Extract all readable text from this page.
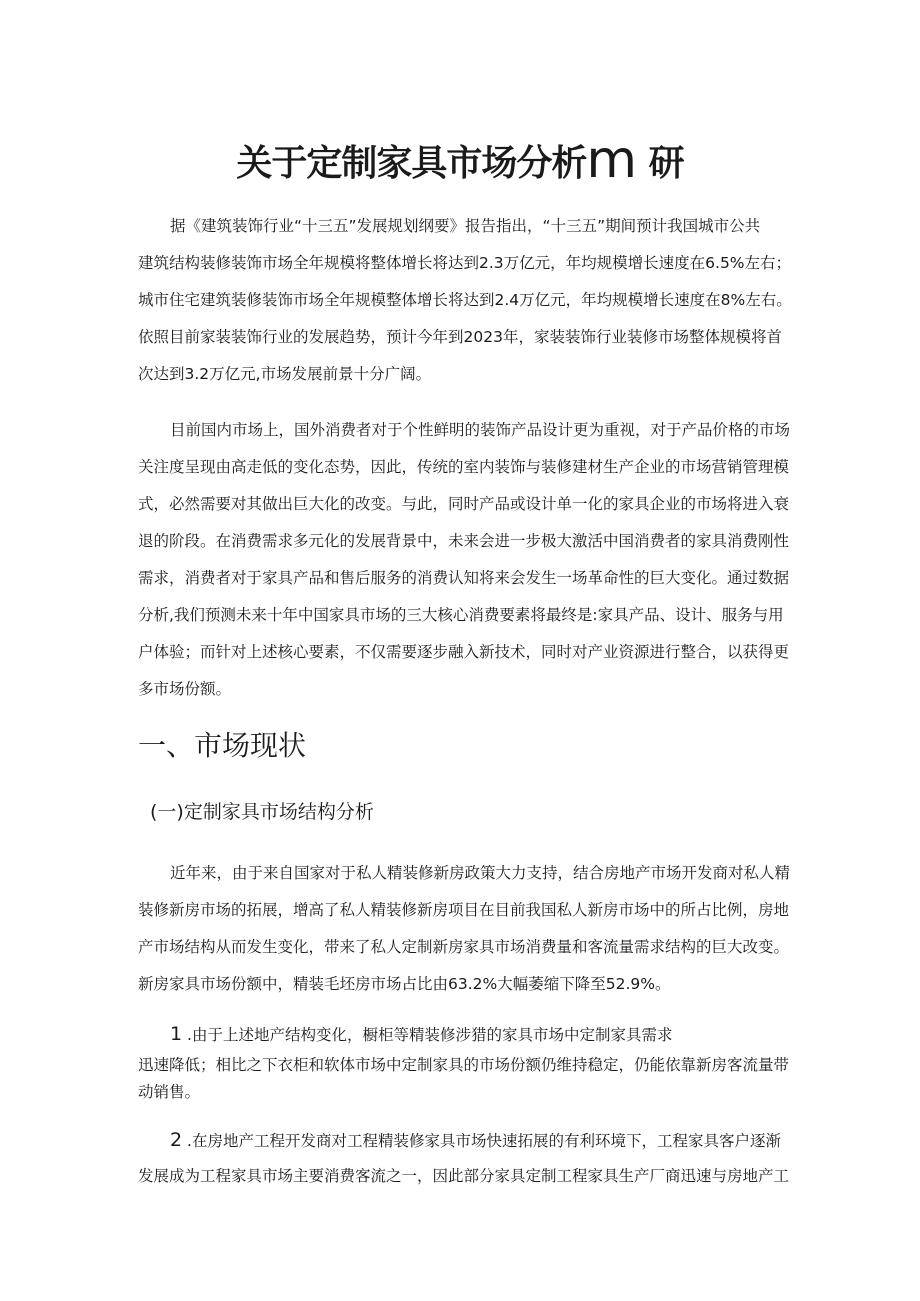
关于定制家具市场分析m 研
据《建筑装饰行业“十三五”发展规划纲要》报告指出，“十三五”期间预计我国城市公共
建筑结构装修装饰市场全年规模将整体增长将达到2.3万亿元，年均规模增长速度在6.5%左右；
城市住宅建筑装修装饰市场全年规模整体增长将达到2.4万亿元，年均规模增长速度在8%左右。
依照目前家装装饰行业的发展趋势，预计今年到2023年，家装装饰行业装修市场整体规模将首
次达到3.2万亿元,市场发展前景十分广阔。
目前国内市场上，国外消费者对于个性鲜明的装饰产品设计更为重视，对于产品价格的市场
关注度呈现由高走低的变化态势，因此，传统的室内装饰与装修建材生产企业的市场营销管理模
式，必然需要对其做出巨大化的改变。与此，同时产品或设计单一化的家具企业的市场将进入衰
退的阶段。在消费需求多元化的发展背景中，未来会进一步极大激活中国消费者的家具消费刚性
需求，消费者对于家具产品和售后服务的消费认知将来会发生一场革命性的巨大变化。通过数据
分析,我们预测未来十年中国家具市场的三大核心消费要素将最终是:家具产品、设计、服务与用
户体验；而针对上述核心要素，不仅需要逐步融入新技术，同时对产业资源进行整合，以获得更
多市场份额。
一、市场现状
(一)定制家具市场结构分析
近年来，由于来自国家对于私人精装修新房政策大力支持，结合房地产市场开发商对私人精
装修新房市场的拓展，增高了私人精装修新房项目在目前我国私人新房市场中的所占比例，房地
产市场结构从而发生变化，带来了私人定制新房家具市场消费量和客流量需求结构的巨大改变。
新房家具市场份额中，精装毛坯房市场占比由63.2%大幅萎缩下降至52.9%。
1 .由于上述地产结构变化，橱柜等精装修涉猎的家具市场中定制家具需求
迅速降低；相比之下衣柜和软体市场中定制家具的市场份额仍维持稳定，仍能依靠新房客流量带
动销售。
2 .在房地产工程开发商对工程精装修家具市场快速拓展的有利环境下，工程家具客户逐渐
发展成为工程家具市场主要消费客流之一，因此部分家具定制工程家具生产厂商迅速与房地产工
